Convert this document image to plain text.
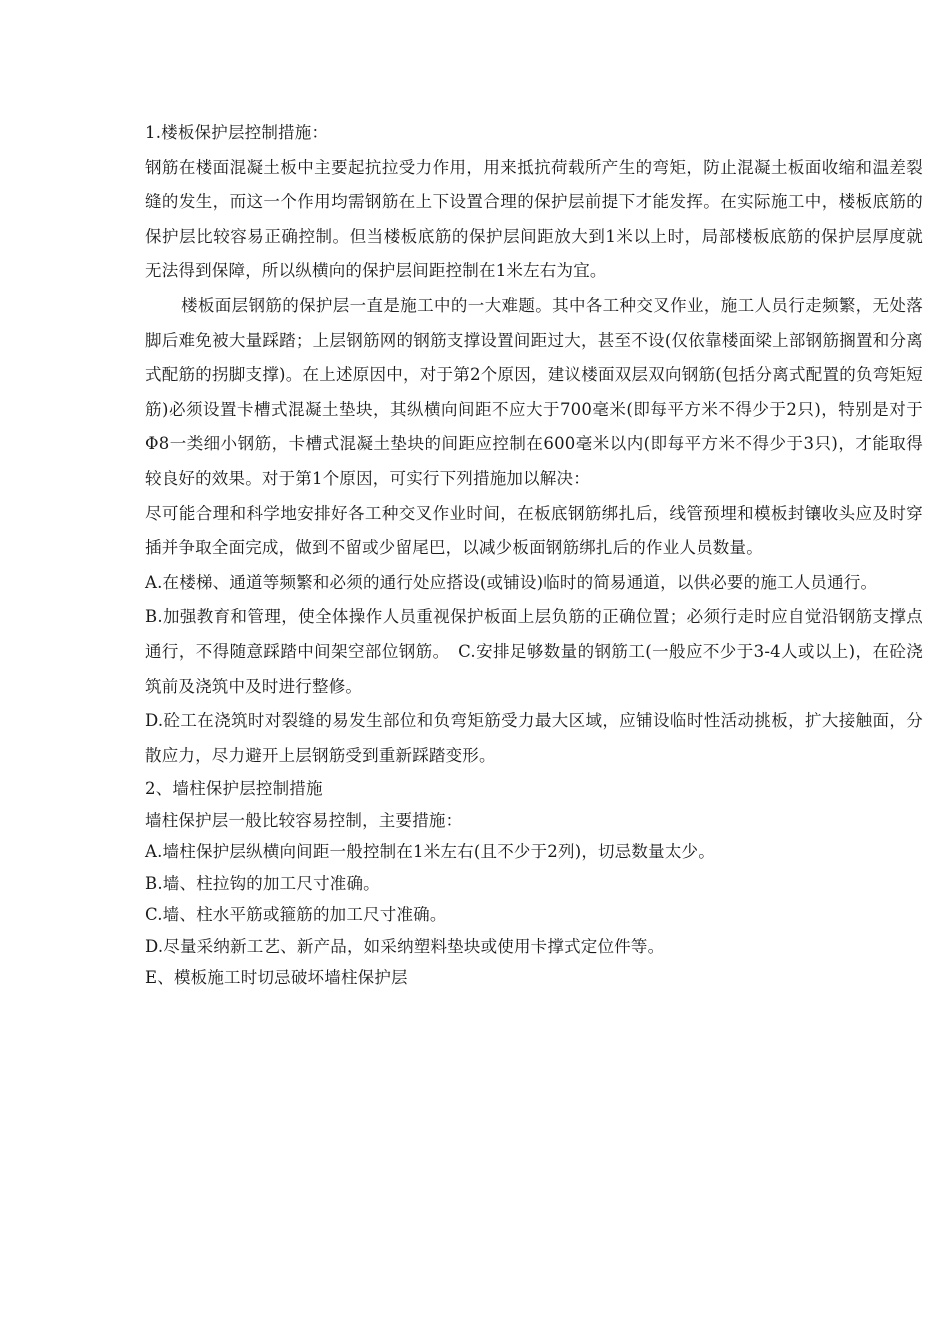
1.楼板保护层控制措施：

钢筋在楼面混凝土板中主要起抗拉受力作用，用来抵抗荷载所产生的弯矩，防止混凝土板面收缩和温差裂缝的发生，而这一个作用均需钢筋在上下设置合理的保护层前提下才能发挥。在实际施工中，楼板底筋的保护层比较容易正确控制。但当楼板底筋的保护层间距放大到1米以上时，局部楼板底筋的保护层厚度就无法得到保障，所以纵横向的保护层间距控制在1米左右为宜。

楼板面层钢筋的保护层一直是施工中的一大难题。其中各工种交叉作业，施工人员行走频繁，无处落脚后难免被大量踩踏；上层钢筋网的钢筋支撑设置间距过大，甚至不设(仅依靠楼面梁上部钢筋搁置和分离式配筋的拐脚支撑)。在上述原因中，对于第2个原因，建议楼面双层双向钢筋(包括分离式配置的负弯矩短筋)必须设置卡槽式混凝土垫块，其纵横向间距不应大于700毫米(即每平方米不得少于2只)，特别是对于 Φ8一类细小钢筋，卡槽式混凝土垫块的间距应控制在600毫米以内(即每平方米不得少于3只)，才能取得较良好的效果。对于第1个原因，可实行下列措施加以解决：

尽可能合理和科学地安排好各工种交叉作业时间，在板底钢筋绑扎后，线管预埋和模板封镶收头应及时穿插并争取全面完成，做到不留或少留尾巴，以减少板面钢筋绑扎后的作业人员数量。

A.在楼梯、通道等频繁和必须的通行处应搭设(或铺设)临时的简易通道，以供必要的施工人员通行。

B.加强教育和管理，使全体操作人员重视保护板面上层负筋的正确位置；必须行走时应自觉沿钢筋支撑点通行，不得随意踩踏中间架空部位钢筋。　C.安排足够数量的钢筋工(一般应不少于3-4人或以上)，在砼浇筑前及浇筑中及时进行整修。

D.砼工在浇筑时对裂缝的易发生部位和负弯矩筋受力最大区域，应铺设临时性活动挑板，扩大接触面，分散应力，尽力避开上层钢筋受到重新踩踏变形。

2、墙柱保护层控制措施

墙柱保护层一般比较容易控制，主要措施：

A.墙柱保护层纵横向间距一般控制在1米左右(且不少于2列)，切忌数量太少。

B.墙、柱拉钩的加工尺寸准确。

C.墙、柱水平筋或箍筋的加工尺寸准确。

D.尽量采纳新工艺、新产品，如采纳塑料垫块或使用卡撑式定位件等。

E、模板施工时切忌破坏墙柱保护层
